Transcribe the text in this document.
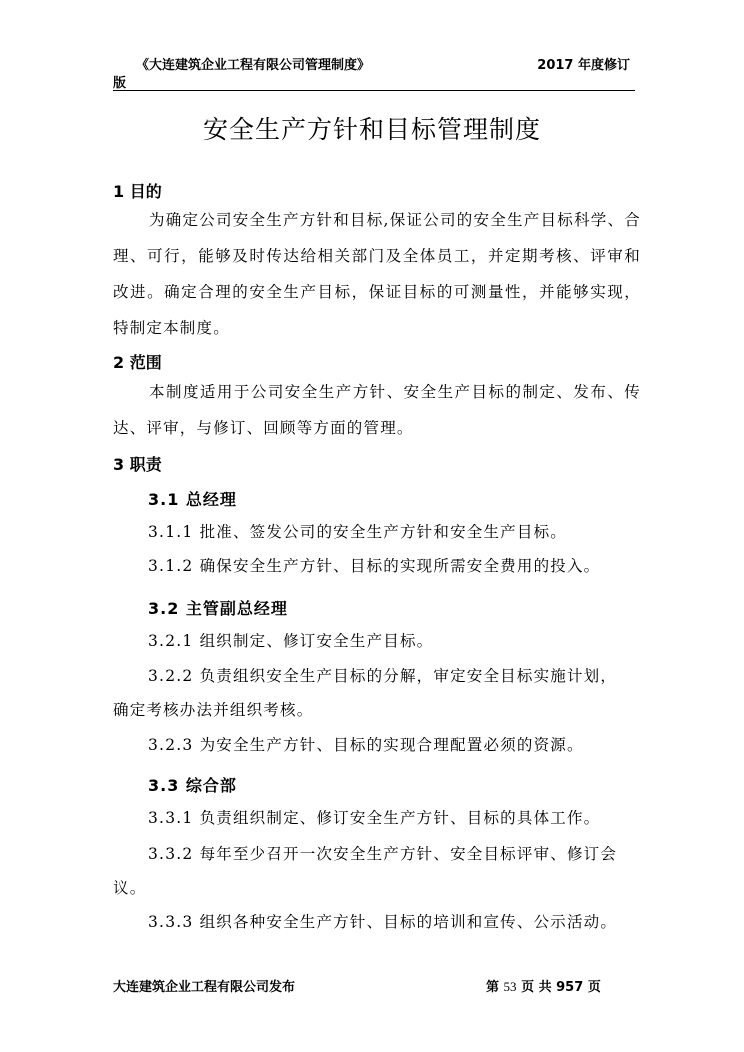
《大连建筑企业工程有限公司管理制度》	2017 年度修订
版
安全生产方针和目标管理制度
1 目的

为确定公司安全生产方针和目标,保证公司的安全生产目标科学、合理、可行，能够及时传达给相关部门及全体员工，并定期考核、评审和改进。确定合理的安全生产目标，保证目标的可测量性，并能够实现，特制定本制度。

2 范围

本制度适用于公司安全生产方针、安全生产目标的制定、发布、传达、评审，与修订、回顾等方面的管理。

3 职责
3.1 总经理
3.1.1 批准、签发公司的安全生产方针和安全生产目标。
3.1.2 确保安全生产方针、目标的实现所需安全费用的投入。
3.2 主管副总经理
3.2.1 组织制定、修订安全生产目标。
3.2.2 负责组织安全生产目标的分解，审定安全目标实施计划，
确定考核办法并组织考核。
3.2.3 为安全生产方针、目标的实现合理配置必须的资源。
3.3 综合部
3.3.1 负责组织制定、修订安全生产方针、目标的具体工作。
3.3.2 每年至少召开一次安全生产方针、安全目标评审、修订会
议。
3.3.3 组织各种安全生产方针、目标的培训和宣传、公示活动。
大连建筑企业工程有限公司发布	第 53 页 共 957 页
